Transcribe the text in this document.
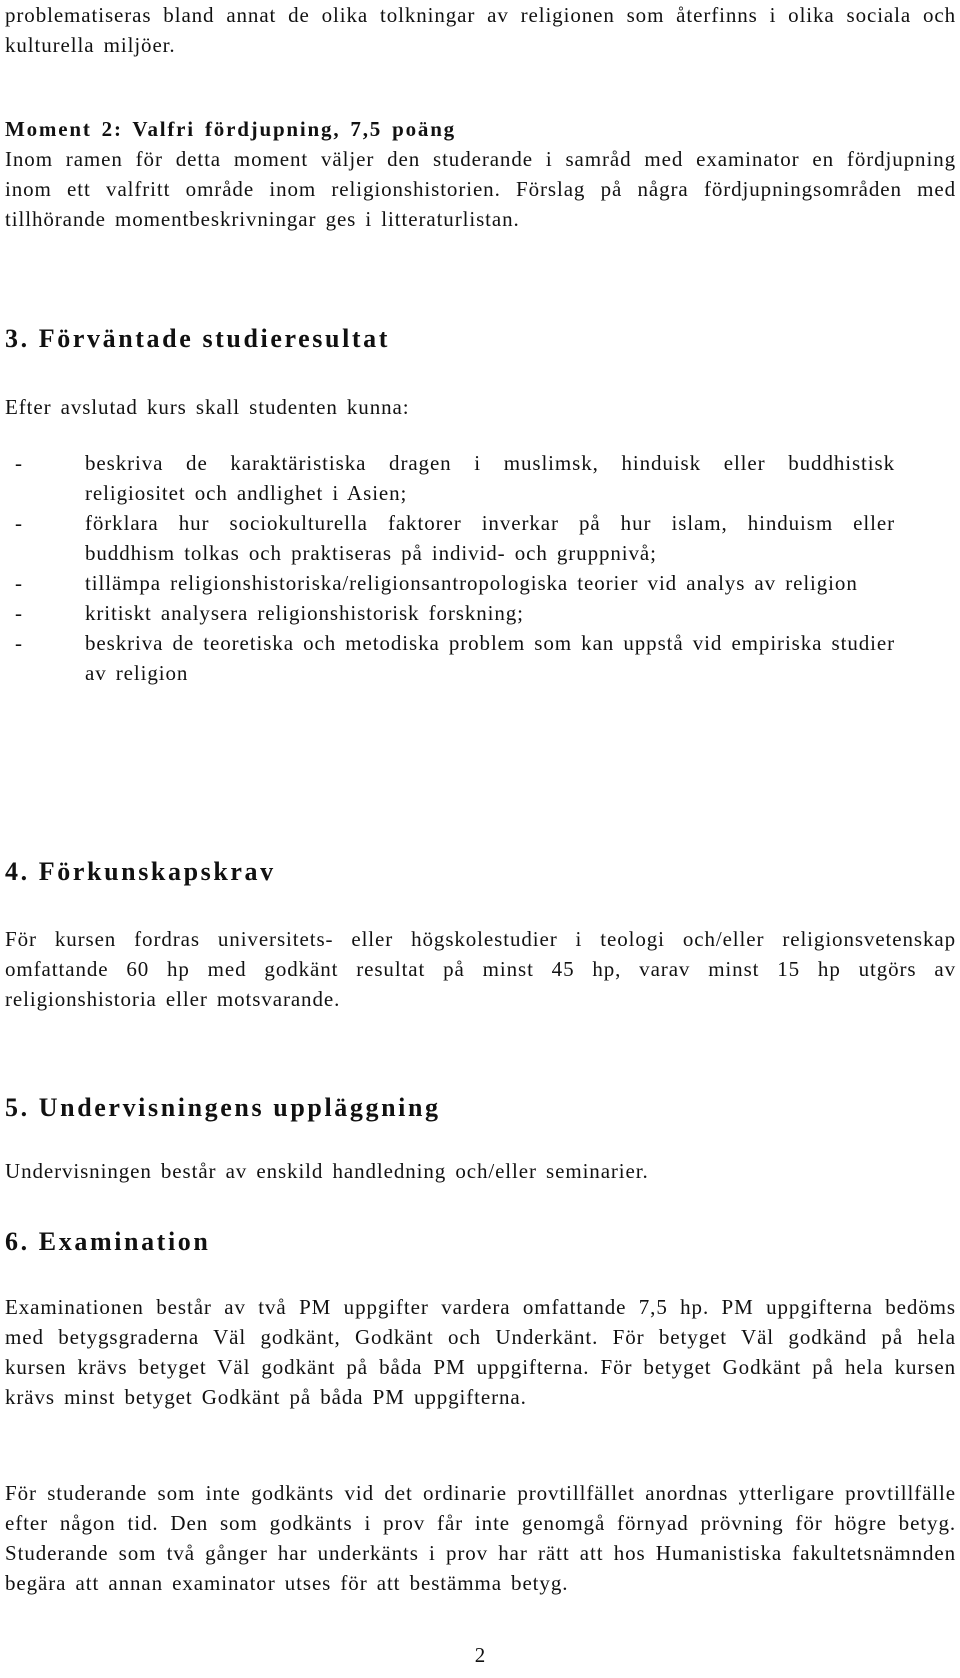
problematiseras bland annat de olika tolkningar av religionen som återfinns i olika sociala och kulturella miljöer.

Moment 2: Valfri fördjupning, 7,5 poäng
Inom ramen för detta moment väljer den studerande i samråd med examinator en fördjupning inom ett valfritt område inom religionshistorien. Förslag på några fördjupningsområden med tillhörande momentbeskrivningar ges i litteraturlistan.

3. Förväntade studieresultat

Efter avslutad kurs skall studenten kunna:

-	beskriva de karaktäristiska dragen i muslimsk, hinduisk eller buddhistisk religiositet och andlighet i Asien;
-	förklara hur sociokulturella faktorer inverkar på hur islam, hinduism eller buddhism tolkas och praktiseras på individ- och gruppnivå;
-	tillämpa religionshistoriska/religionsantropologiska teorier vid analys av religion
-	kritiskt analysera religionshistorisk forskning;
-	beskriva de teoretiska och metodiska problem som kan uppstå vid empiriska studier av religion
4. Förkunskapskrav

För kursen fordras universitets- eller högskolestudier i teologi och/eller religionsvetenskap omfattande 60 hp med godkänt resultat på minst 45 hp, varav minst 15 hp utgörs av religionshistoria eller motsvarande.

5. Undervisningens uppläggning

Undervisningen består av enskild handledning och/eller seminarier.

6. Examination

Examinationen består av två PM uppgifter vardera omfattande 7,5 hp. PM uppgifterna bedöms med betygsgraderna Väl godkänt, Godkänt och Underkänt. För betyget Väl godkänd på hela kursen krävs betyget Väl godkänt på båda PM uppgifterna. För betyget Godkänt på hela kursen krävs minst betyget Godkänt på båda PM uppgifterna.

För studerande som inte godkänts vid det ordinarie provtillfället anordnas ytterligare provtillfälle efter någon tid. Den som godkänts i prov får inte genomgå förnyad prövning för högre betyg. Studerande som två gånger har underkänts i prov har rätt att hos Humanistiska fakultetsnämnden begära att annan examinator utses för att bestämma betyg.

2
